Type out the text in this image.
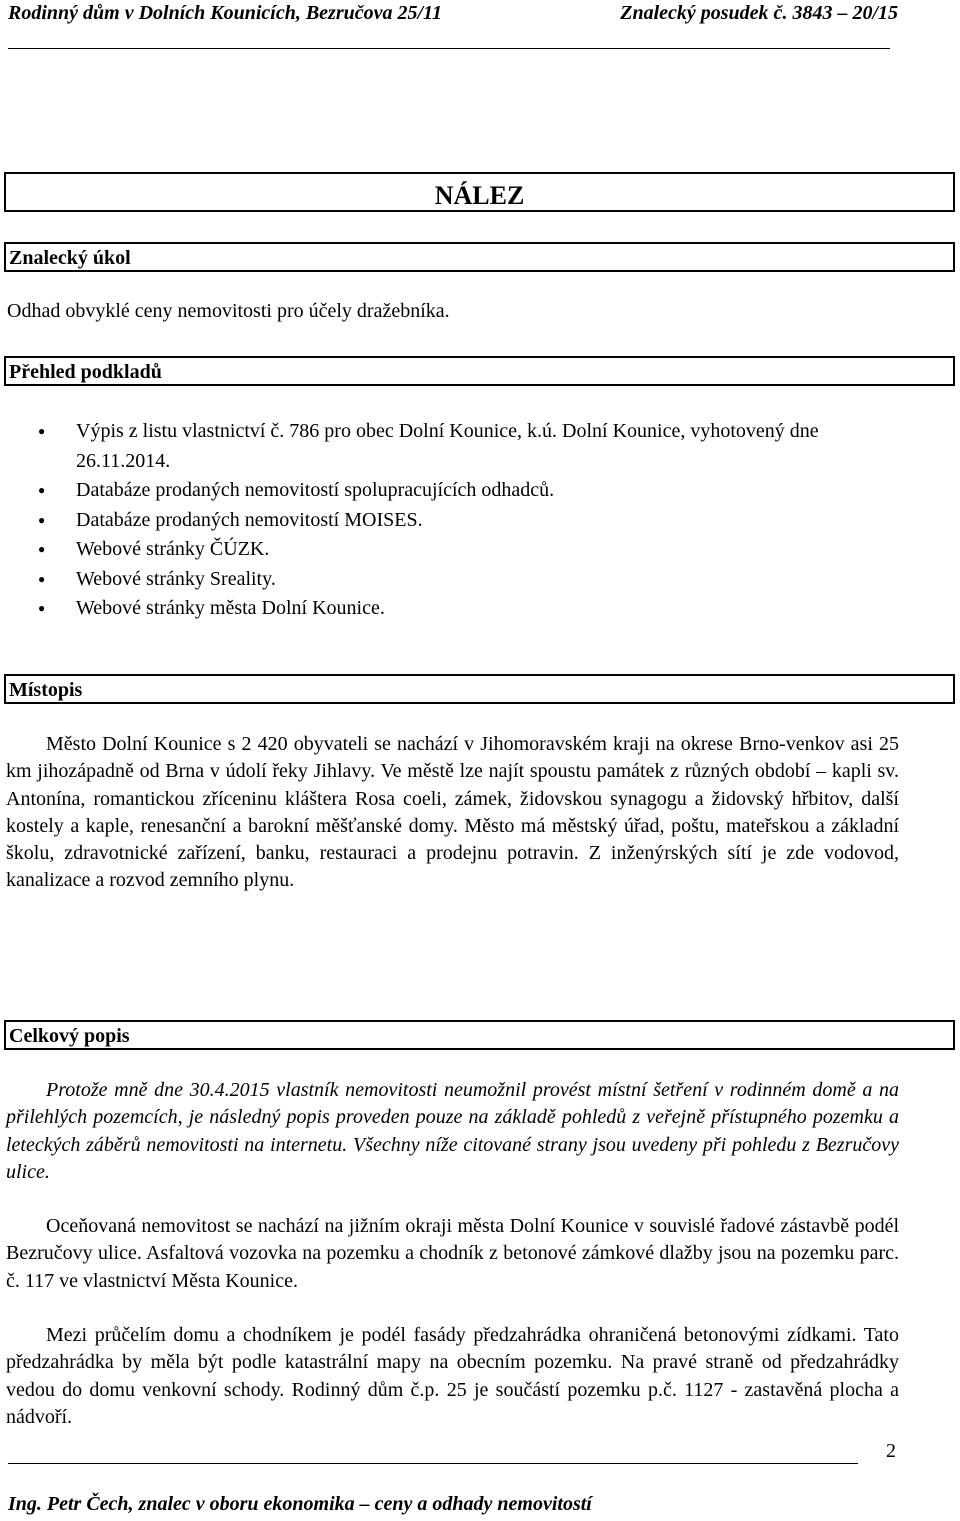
Rodinný dům v Dolních Kounicích, Bezručova 25/11	Znalecký posudek č. 3843 – 20/15
NÁLEZ
Znalecký úkol
Odhad obvyklé ceny nemovitosti pro účely dražebníka.
Přehled podkladů
● Výpis z listu vlastnictví č. 786 pro obec Dolní Kounice, k.ú. Dolní Kounice, vyhotovený dne 26.11.2014.
● Databáze prodaných nemovitostí spolupracujících odhadců.
● Databáze prodaných nemovitostí MOISES.
● Webové stránky ČÚZK.
● Webové stránky Sreality.
● Webové stránky města Dolní Kounice.
Místopis

Město Dolní Kounice s 2 420 obyvateli se nachází v Jihomoravském kraji na okrese Brno-venkov asi 25 km jihozápadně od Brna v údolí řeky Jihlavy. Ve městě lze najít spoustu památek z různých období – kapli sv. Antonína, romantickou zříceninu kláštera Rosa coeli, zámek, židovskou synagogu a židovský hřbitov, další kostely a kaple, renesanční a barokní měšťanské domy. Město má městský úřad, poštu, mateřskou a základní školu, zdravotnické zařízení, banku, restauraci a prodejnu potravin. Z inženýrských sítí je zde vodovod, kanalizace a rozvod zemního plynu.

Celkový popis

Protože mně dne 30.4.2015 vlastník nemovitosti neumožnil provést místní šetření v rodinném domě a na přilehlých pozemcích, je následný popis proveden pouze na základě pohledů z veřejně přístupného pozemku a leteckých záběrů nemovitosti na internetu. Všechny níže citované strany jsou uvedeny při pohledu z Bezručovy ulice.

Oceňovaná nemovitost se nachází na jižním okraji města Dolní Kounice v souvislé řadové zástavbě podél Bezručovy ulice. Asfaltová vozovka na pozemku a chodník z betonové zámkové dlažby jsou na pozemku parc. č. 117 ve vlastnictví Města Kounice.

Mezi průčelím domu a chodníkem je podél fasády předzahrádka ohraničená betonovými zídkami. Tato předzahrádka by měla být podle katastrální mapy na obecním pozemku. Na pravé straně od předzahrádky vedou do domu venkovní schody. Rodinný dům č.p. 25 je součástí pozemku p.č. 1127 - zastavěná plocha a nádvoří.

2
Ing. Petr Čech, znalec v oboru ekonomika – ceny a odhady nemovitostí
